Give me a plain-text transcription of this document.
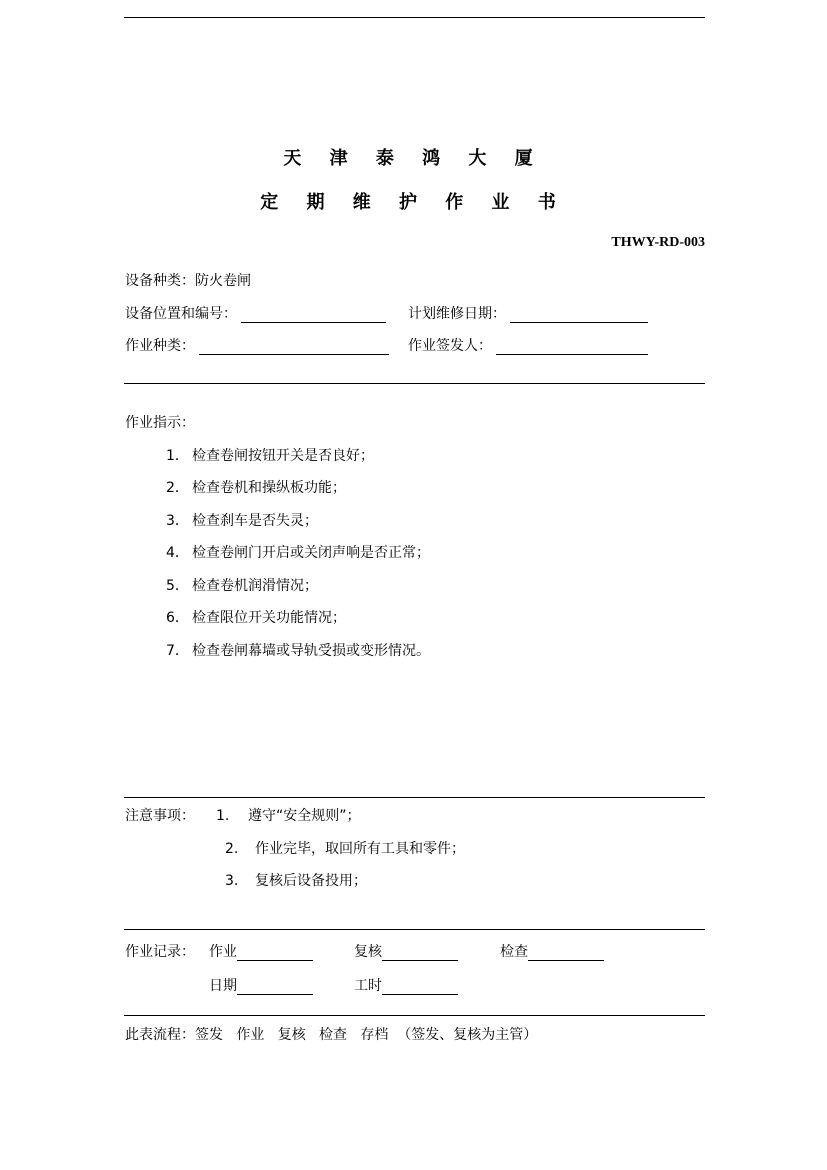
天 津 泰 鸿 大 厦
定 期 维 护 作 业 书
THWY-RD-003
设备种类：防火卷闸
设备位置和编号：	计划维修日期：
作业种类：	作业签发人：
作业指示：
1． 检查卷闸按钮开关是否良好；
2． 检查卷机和操纵板功能；
3． 检查刹车是否失灵；
4． 检查卷闸门开启或关闭声响是否正常；
5． 检查卷机润滑情况；
6． 检查限位开关功能情况；
7． 检查卷闸幕墙或导轨受损或变形情况。
注意事项： 1. 遵守“安全规则”；
2. 作业完毕，取回所有工具和零件；
3. 复核后设备投用；
作业记录： 作业	复核	检查
日期	工时
此表流程：签发   作业   复核   检查   存档  （签发、复核为主管）
